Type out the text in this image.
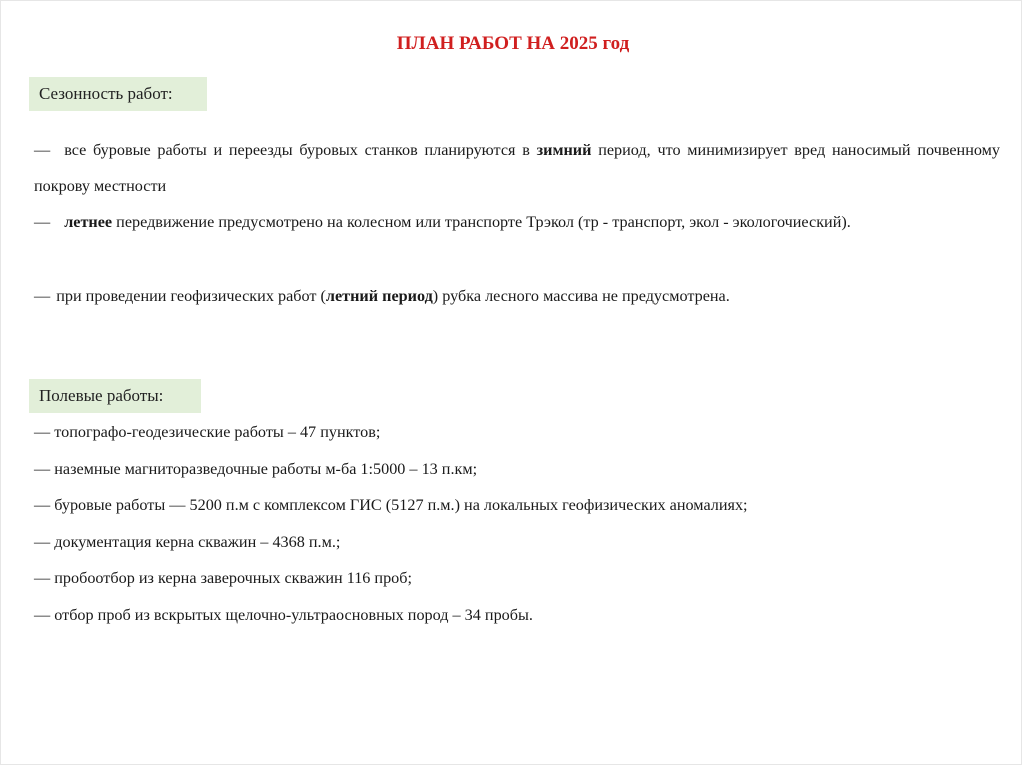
ПЛАН РАБОТ НА 2025 год
Сезонность работ:
— все буровые работы и переезды буровых станков планируются в зимний период, что минимизирует вред наносимый почвенному покрову местности
— летнее передвижение предусмотрено на колесном или транспорте Трэкол (тр - транспорт, экол - экологочиеский).
— при проведении геофизических работ (летний период) рубка лесного массива не предусмотрена.
Полевые работы:
— топографо-геодезические работы – 47 пунктов;
— наземные магниторазведочные работы м-ба 1:5000 – 13 п.км;
— буровые работы — 5200 п.м с комплексом ГИС (5127 п.м.) на локальных геофизических аномалиях;
— документация керна скважин – 4368 п.м.;
— пробоотбор из керна заверочных скважин 116 проб;
— отбор проб из вскрытых щелочно-ультраосновных пород – 34 пробы.
